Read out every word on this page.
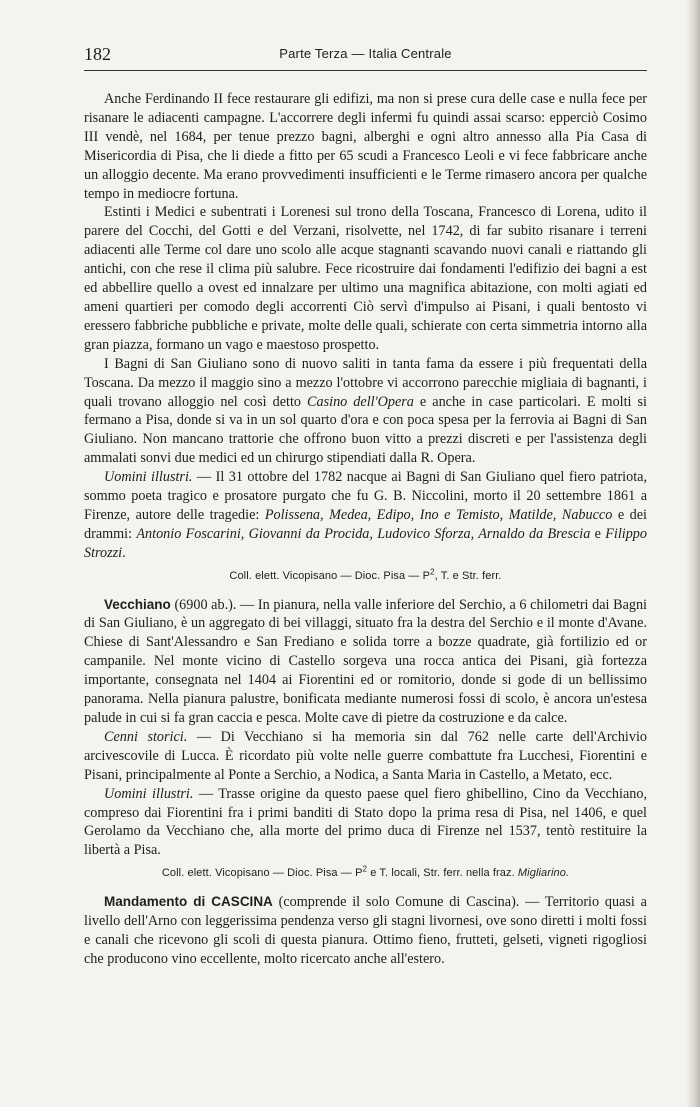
182	Parte Terza — Italia Centrale

Anche Ferdinando II fece restaurare gli edifizi, ma non si prese cura delle case e nulla fece per risanare le adiacenti campagne. L'accorrere degli infermi fu quindi assai scarso: epperciò Cosimo III vendè, nel 1684, per tenue prezzo bagni, alberghi e ogni altro annesso alla Pia Casa di Misericordia di Pisa, che li diede a fitto per 65 scudi a Francesco Leoli e vi fece fabbricare anche un alloggio decente. Ma erano provvedimenti insufficienti e le Terme rimasero ancora per qualche tempo in mediocre fortuna.

Estinti i Medici e subentrati i Lorenesi sul trono della Toscana, Francesco di Lorena, udito il parere del Cocchi, del Gotti e del Verzani, risolvette, nel 1742, di far subito risanare i terreni adiacenti alle Terme col dare uno scolo alle acque stagnanti scavando nuovi canali e riattando gli antichi, con che rese il clima più salubre. Fece ricostruire dai fondamenti l'edifizio dei bagni a est ed abbellire quello a ovest ed innalzare per ultimo una magnifica abitazione, con molti agiati ed ameni quartieri per comodo degli accorrenti Ciò servì d'impulso ai Pisani, i quali bentosto vi eressero fabbriche pubbliche e private, molte delle quali, schierate con certa simmetria intorno alla gran piazza, formano un vago e maestoso prospetto.

I Bagni di San Giuliano sono di nuovo saliti in tanta fama da essere i più frequentati della Toscana. Da mezzo il maggio sino a mezzo l'ottobre vi accorrono parecchie migliaia di bagnanti, i quali trovano alloggio nel così detto Casino dell'Opera e anche in case particolari. E molti si fermano a Pisa, donde si va in un sol quarto d'ora e con poca spesa per la ferrovia ai Bagni di San Giuliano. Non mancano trattorie che offrono buon vitto a prezzi discreti e per l'assistenza degli ammalati sonvi due medici ed un chirurgo stipendiati dalla R. Opera.

Uomini illustri. — Il 31 ottobre del 1782 nacque ai Bagni di San Giuliano quel fiero patriota, sommo poeta tragico e prosatore purgato che fu G. B. Niccolini, morto il 20 settembre 1861 a Firenze, autore delle tragedie: Polissena, Medea, Edipo, Ino e Temisto, Matilde, Nabucco e dei drammi: Antonio Foscarini, Giovanni da Procida, Ludovico Sforza, Arnaldo da Brescia e Filippo Strozzi.

Coll. elett. Vicopisano — Dioc. Pisa — $P^2$, T. e Str. ferr.

Vecchiano (6900 ab.). — In pianura, nella valle inferiore del Serchio, a 6 chilometri dai Bagni di San Giuliano, è un aggregato di bei villaggi, situato fra la destra del Serchio e il monte d'Avane. Chiese di Sant'Alessandro e San Frediano e solida torre a bozze quadrate, già fortilizio ed or campanile. Nel monte vicino di Castello sorgeva una rocca antica dei Pisani, già fortezza importante, consegnata nel 1404 ai Fiorentini ed or romitorio, donde si gode di un bellissimo panorama. Nella pianura palustre, bonificata mediante numerosi fossi di scolo, è ancora un'estesa palude in cui si fa gran caccia e pesca. Molte cave di pietre da costruzione e da calce.

Cenni storici. — Di Vecchiano si ha memoria sin dal 762 nelle carte dell'Archivio arcivescovile di Lucca. È ricordato più volte nelle guerre combattute fra Lucchesi, Fiorentini e Pisani, principalmente al Ponte a Serchio, a Nodica, a Santa Maria in Castello, a Metato, ecc.

Uomini illustri. — Trasse origine da questo paese quel fiero ghibellino, Cino da Vecchiano, compreso dai Fiorentini fra i primi banditi di Stato dopo la prima resa di Pisa, nel 1406, e quel Gerolamo da Vecchiano che, alla morte del primo duca di Firenze nel 1537, tentò restituire la libertà a Pisa.

Coll. elett. Vicopisano — Dioc. Pisa — $P^2$ e T. locali, Str. ferr. nella fraz. Migliarino.

Mandamento di CASCINA (comprende il solo Comune di Cascina). — Territorio quasi a livello dell'Arno con leggerissima pendenza verso gli stagni livornesi, ove sono diretti i molti fossi e canali che ricevono gli scoli di questa pianura. Ottimo fieno, frutteti, gelseti, vigneti rigogliosi che producono vino eccellente, molto ricercato anche all'estero.
